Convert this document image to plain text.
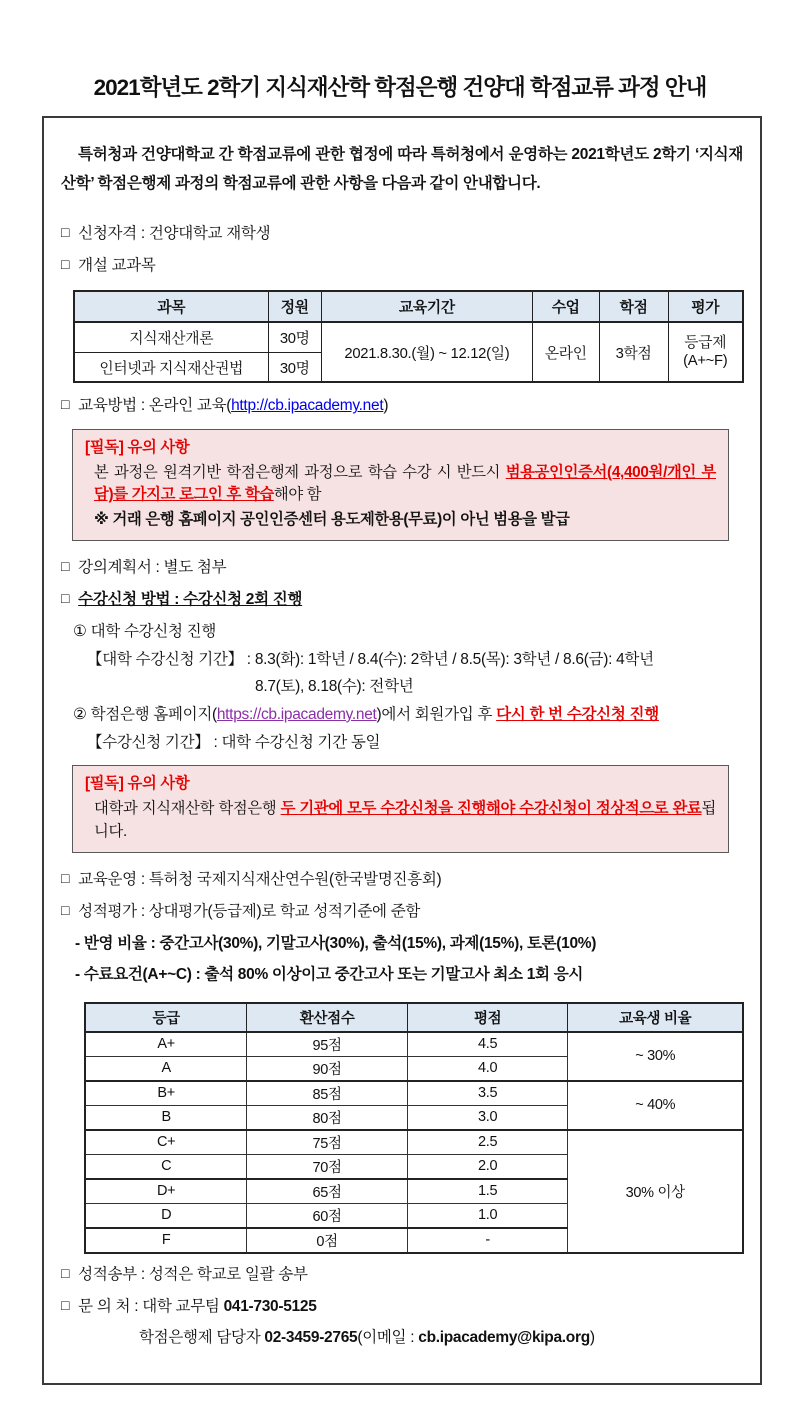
2021학년도 2학기 지식재산학 학점은행 건양대 학점교류 과정 안내

특허청과 건양대학교 간 학점교류에 관한 협정에 따라 특허청에서 운영하는 2021학년도 2학기 ‘지식재산학’ 학점은행제 과정의 학점교류에 관한 사항을 다음과 같이 안내합니다.

□ 신청자격 : 건양대학교 재학생
□ 개설 교과목
과목	정원	교육기간	수업	학점	평가
지식재산개론	30명	2021.8.30.(월) ~ 12.12(일)	온라인	3학점	등급제
(A+~F)
인터넷과 지식재산권법	30명				
□ 교육방법 : 온라인 교육(http://cb.ipacademy.net)
[필독] 유의 사항
본 과정은 원격기반 학점은행제 과정으로 학습 수강 시 반드시 범용공인인증서(4,400원/개인 부담)를 가지고 로그인 후 학습해야 함
※ 거래 은행 홈페이지 공인인증센터 용도제한용(무료)이 아닌 범용을 발급
□ 강의계획서 : 별도 첨부
□ 수강신청 방법 : 수강신청 2회 진행
① 대학 수강신청 진행
【대학 수강신청 기간】 : 8.3(화): 1학년 / 8.4(수): 2학년 / 8.5(목): 3학년 / 8.6(금): 4학년
8.7(토), 8.18(수): 전학년
② 학점은행 홈페이지(https://cb.ipacademy.net)에서 회원가입 후 다시 한 번 수강신청 진행
【수강신청 기간】 : 대학 수강신청 기간 동일
[필독] 유의 사항
대학과 지식재산학 학점은행 두 기관에 모두 수강신청을 진행해야 수강신청이 정상적으로 완료됩니다.
□ 교육운영 : 특허청 국제지식재산연수원(한국발명진흥회)
□ 성적평가 : 상대평가(등급제)로 학교 성적기준에 준함
- 반영 비율 : 중간고사(30%), 기말고사(30%), 출석(15%), 과제(15%), 토론(10%)
- 수료요건(A+~C) : 출석 80% 이상이고 중간고사 또는 기말고사 최소 1회 응시
등급	환산점수	평점	교육생 비율
A+	95점	4.5	~ 30%
A	90점	4.0	
B+	85점	3.5	~ 40%
B	80점	3.0	
C+	75점	2.5	30% 이상
C	70점	2.0	
D+	65점	1.5	
D	60점	1.0	
F	0점	-	
□ 성적송부 : 성적은 학교로 일괄 송부
□ 문 의 처 : 대학 교무팀 041-730-5125
학점은행제 담당자 02-3459-2765(이메일 : cb.ipacademy@kipa.org)
